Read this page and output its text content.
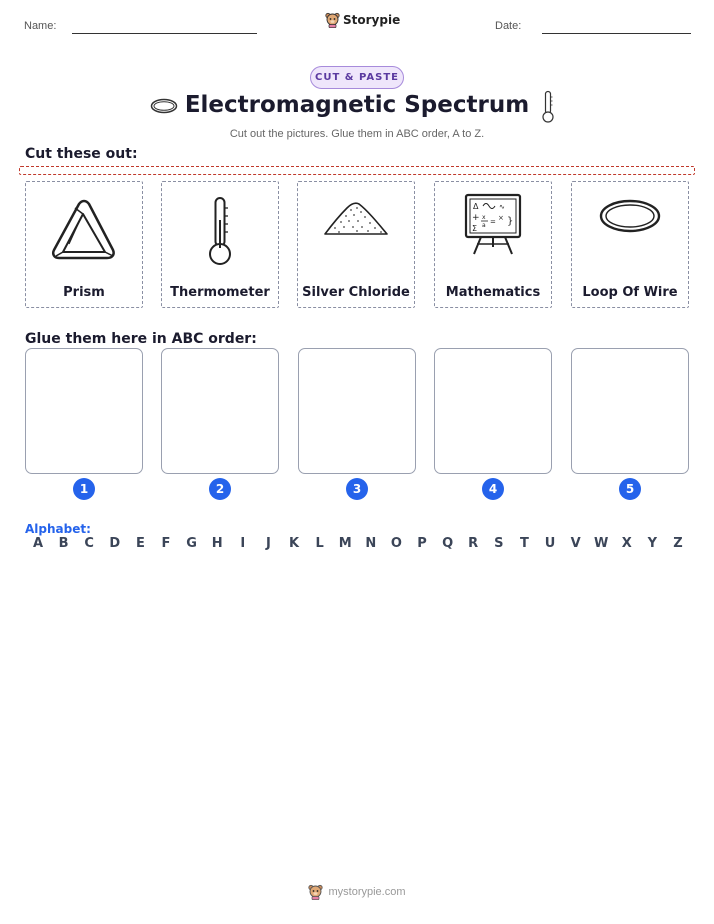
Name:	Storypie	Date:
CUT & PASTE
Electromagnetic Spectrum
Cut out the pictures. Glue them in ABC order, A to Z.
Cut these out:
Prism	Thermometer	Silver Chloride
Δ	∿
+ x
a = × }
Σ
Mathematics	Loop Of Wire
Glue them here in ABC order:
1	2	3	4	5
Alphabet:
A	B	C	D	E	F	G	H	I	J	K	L	M	N	O	P	Q	R	S	T	U	V	W	X	Y	Z
mystorypie.com
